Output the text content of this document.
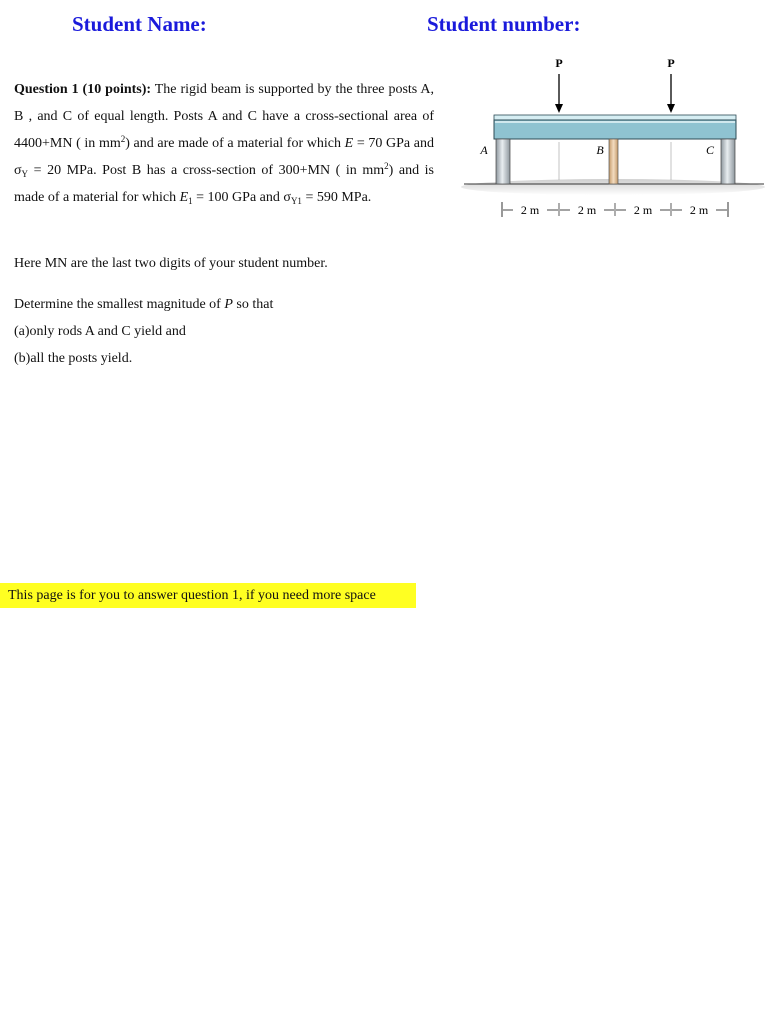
Student Name:	Student number:

Question 1 (10 points): The rigid beam is supported by the three posts A, B , and C of equal length. Posts A and C have a cross-sectional area of 4400+MN ( in $mm^2$) and are made of a material for which E = 70 GPa and $\sigma_Y = 20$ MPa. Post B has a cross-section of 300+MN ( in $mm^2$) and is made of a material for which $E_1 = 100$ GPa and $\sigma_{Y1} = 590$ MPa.

Here MN are the last two digits of your student number.

Determine the smallest magnitude of P so that

(a)only rods A and C yield and

(b)all the posts yield.

This page is for you to answer question 1, if you need more space
P	P
A	B	C
2 m	2 m	2 m	2 m
